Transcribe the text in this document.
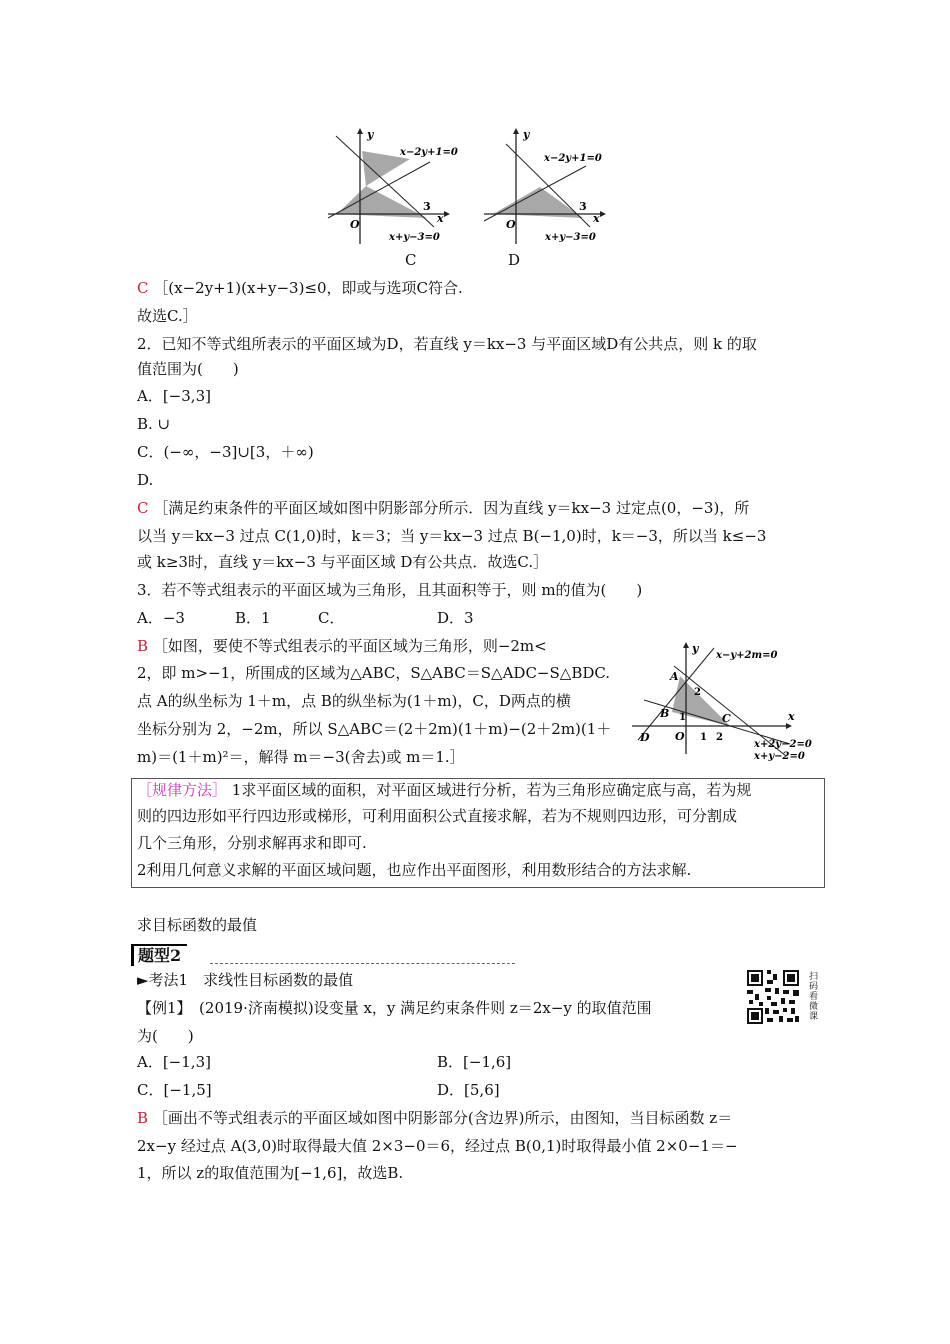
y
x
O
3
x−2y+1=0
x+y−3=0
C
y
x
O
3
x−2y+1=0
x+y−3=0
D
C ［(x−2y+1)(x+y−3)≤0，即或与选项C符合.
故选C.］
2．已知不等式组所表示的平面区域为D，若直线 y＝kx−3 与平面区域D有公共点，则 k 的取
值范围为(　　)
A．[−3,3]
B. ∪
C．(−∞，−3]∪[3，＋∞)
D.
C ［满足约束条件的平面区域如图中阴影部分所示．因为直线 y＝kx−3 过定点(0，−3)，所
以当 y＝kx−3 过点 C(1,0)时，k＝3；当 y＝kx−3 过点 B(−1,0)时，k＝−3，所以当 k≤−3
或 k≥3时，直线 y＝kx−3 与平面区域 D有公共点．故选C.］
3．若不等式组表示的平面区域为三角形，且其面积等于，则 m的值为(　　)
A．−3	B．1	C．	D．3
B ［如图，要使不等式组表示的平面区域为三角形，则−2m<
2，即 m>−1，所围成的区域为△ABC，S△ABC＝S△ADC−S△BDC.
点 A的纵坐标为 1＋m，点 B的纵坐标为(1＋m)，C，D两点的横
坐标分别为 2，−2m，所以 S△ABC＝(2＋2m)(1＋m)−(2＋2m)(1＋
m)＝(1＋m)²＝，解得 m＝−3(舍去)或 m＝1.］
y
x
x−y+2m=0
x+2y−2=0
x+y−2=0
A
B	C
D O
2
1
1 2
［规律方法］ 1求平面区域的面积，对平面区域进行分析，若为三角形应确定底与高，若为规
则的四边形如平行四边形或梯形，可利用面积公式直接求解，若为不规则四边形，可分割成
几个三角形，分别求解再求和即可.
2利用几何意义求解的平面区域问题，也应作出平面图形，利用数形结合的方法求解.
求目标函数的最值
题型2
►考法1　求线性目标函数的最值
【例1】　(2019·济南模拟)设变量 x，y 满足约束条件则 z＝2x−y 的取值范围
为(　　)
扫码看微课
A．[−1,3]	B．[−1,6]
C．[−1,5]	D．[5,6]
B ［画出不等式组表示的平面区域如图中阴影部分(含边界)所示，由图知，当目标函数 z＝
2x−y 经过点 A(3,0)时取得最大值 2×3−0＝6，经过点 B(0,1)时取得最小值 2×0−1＝−
1，所以 z的取值范围为[−1,6]，故选B.
